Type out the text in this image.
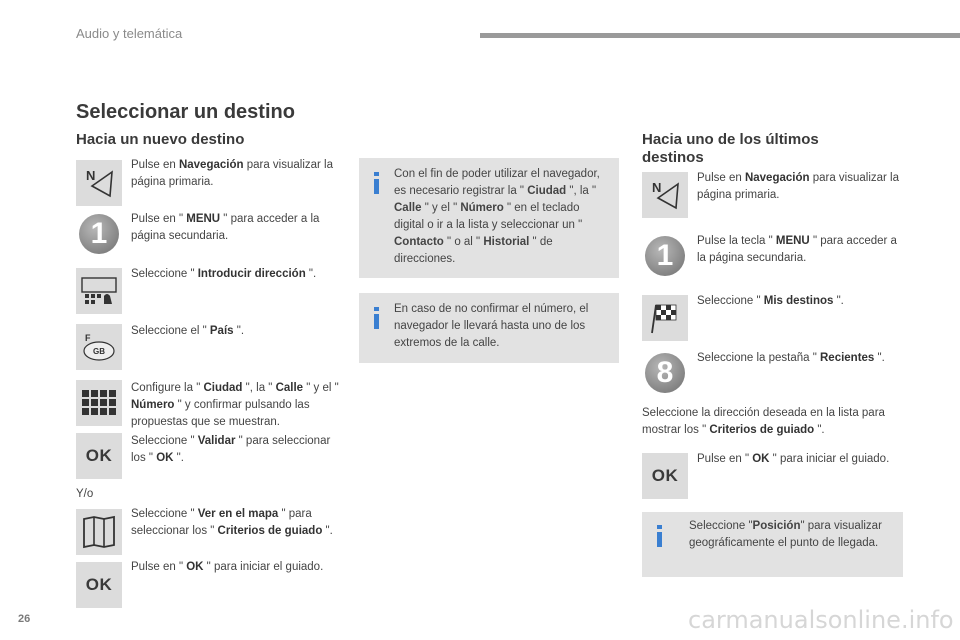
Audio y telemática
Seleccionar un destino
Hacia un nuevo destino
N
Pulse en Navegación para visualizar la página primaria.
1 Pulse en " MENU " para acceder a la página secundaria.
Seleccione " Introducir dirección ".
F
GB
Seleccione el " País ".
Configure la " Ciudad ", la " Calle " y el " Número " y confirmar pulsando las propuestas que se muestran.
OK
Seleccione " Validar " para seleccionar los " OK ".
Seleccione " Ver en el mapa " para seleccionar los " Criterios de guiado ".
OK
Pulse en " OK " para iniciar el guiado.
Y/o
Con el fin de poder utilizar el navegador, es necesario registrar la " Ciudad ", la " Calle " y el " Número " en el teclado digital o ir a la lista y seleccionar un " Contacto " o al " Historial " de direcciones.
En caso de no confirmar el número, el navegador le llevará hasta uno de los extremos de la calle.
Hacia uno de los últimos destinos
N
Pulse en Navegación para visualizar la página primaria.
1 Pulse la tecla " MENU " para acceder a la página secundaria.
Seleccione " Mis destinos ".
8 Seleccione la pestaña " Recientes ".
Seleccione la dirección deseada en la lista para mostrar los " Criterios de guiado ".
OK
Pulse en " OK " para iniciar el guiado.
Seleccione "Posición" para visualizar geográficamente el punto de llegada.
26	carmanualsonline.info
